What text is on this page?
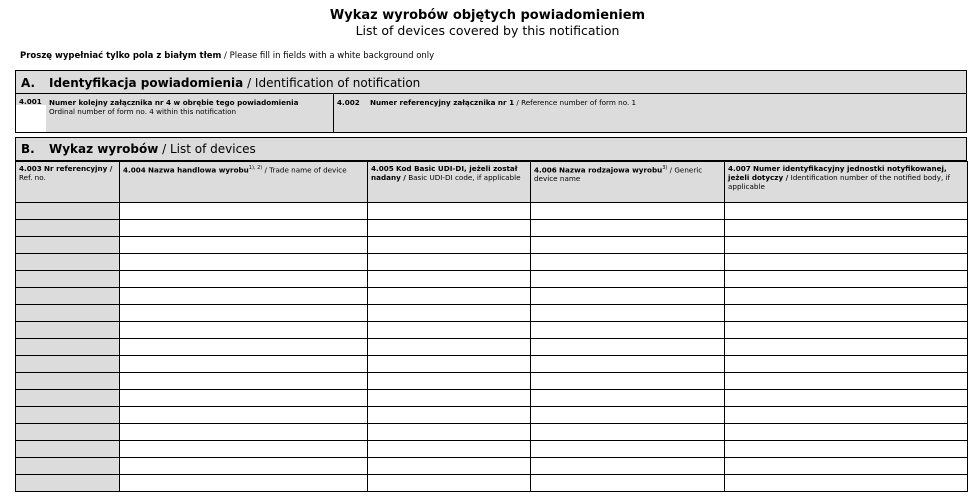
Wykaz wyrobów objętych powiadomieniem
List of devices covered by this notification
Proszę wypełniać tylko pola z białym tłem / Please fill in fields with a white background only
A. Identyfikacja powiadomienia / Identification of notification
4.001 Numer kolejny załącznika nr 4 w obrębie tego powiadomienia
Ordinal number of form no. 4 within this notification
4.002 Numer referencyjny załącznika nr 1 / Reference number of form no. 1
B. Wykaz wyrobów / List of devices
4.003 Nr referencyjny / Ref. no.	4.004 Nazwa handlowa wyrobu$^{1), 2)}$ / Trade name of device	4.005 Kod Basic UDI-DI, jeżeli został nadany / Basic UDI-DI code, if applicable	4.006 Nazwa rodzajowa wyrobu$^{3)}$ / Generic device name	4.007 Numer identyfikacyjny jednostki notyfikowanej, jeżeli dotyczy / Identification number of the notified body, if applicable
